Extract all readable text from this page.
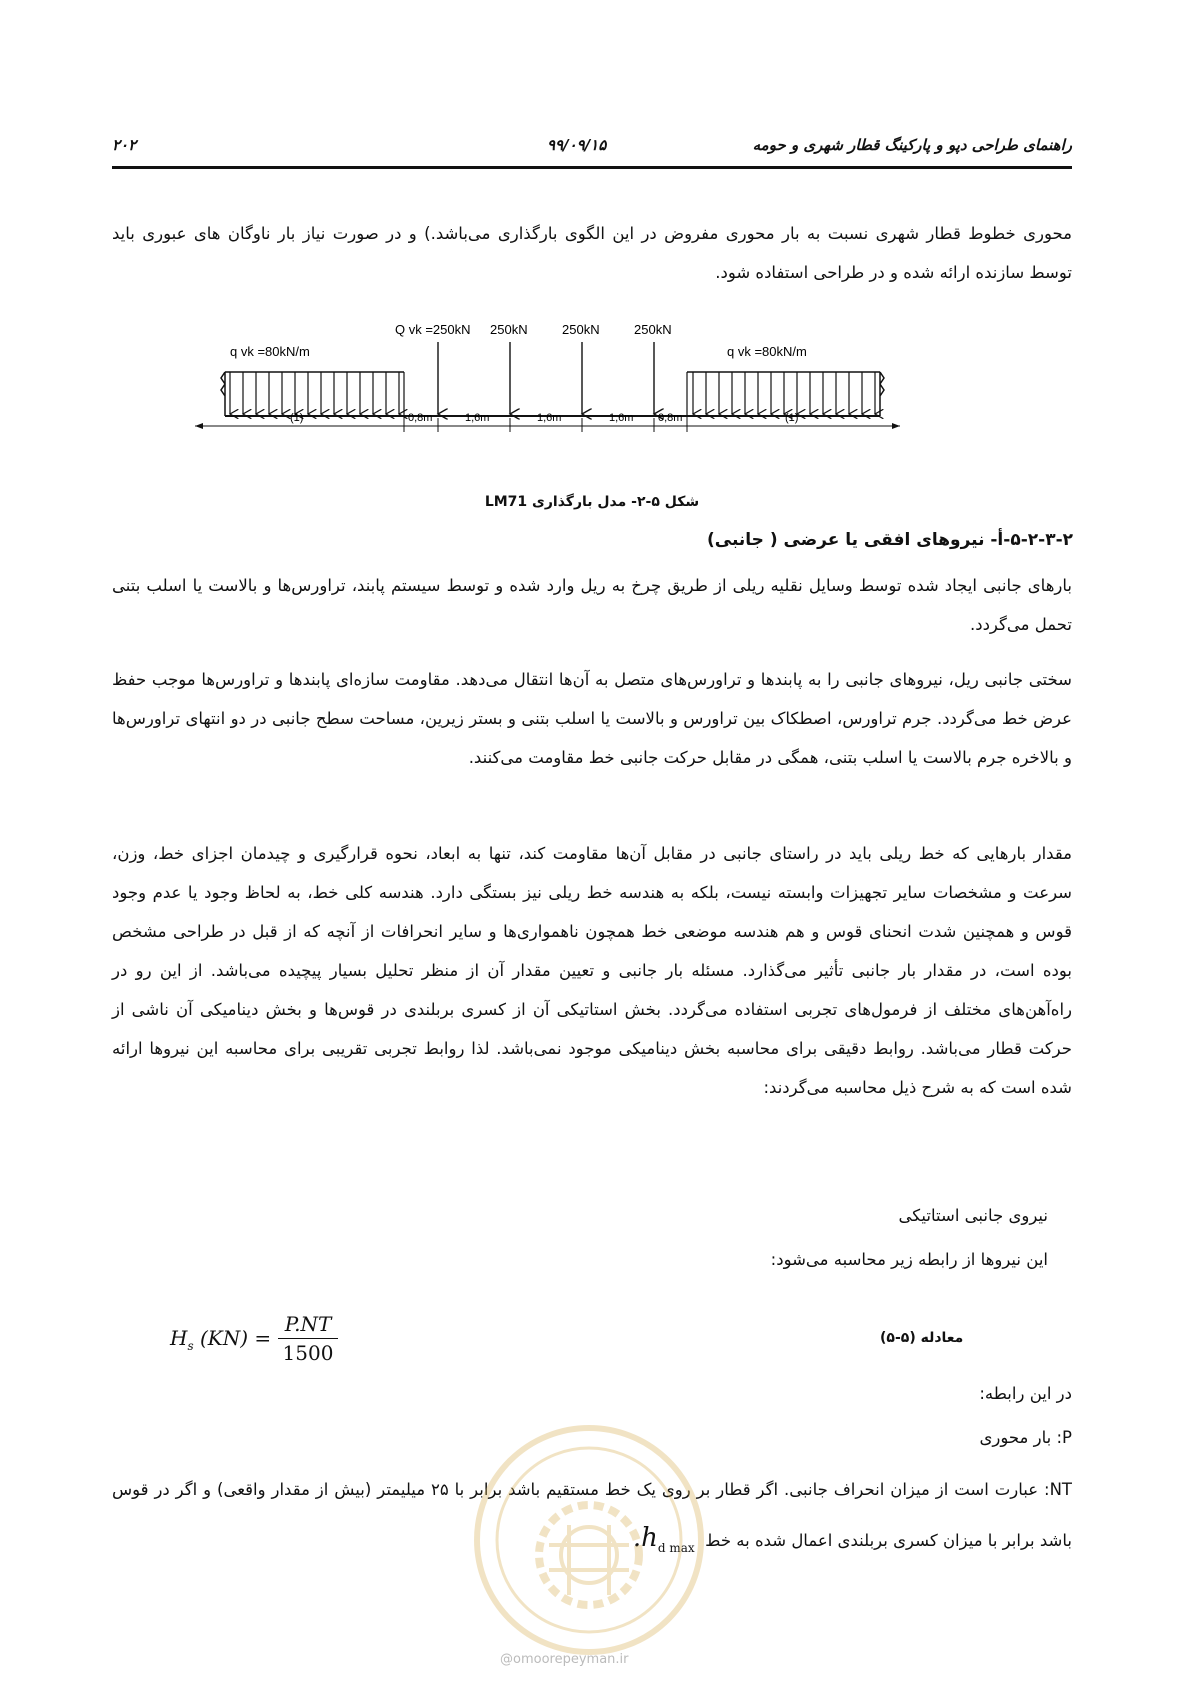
۲۰۲	۹۹/۰۹/۱۵	راهنمای طراحی دپو و پارکینگ قطار شهری و حومه
محوری خطوط قطار شهری نسبت به بار محوری مفروض در این الگوی بارگذاری می‌باشد.) و در صورت نیاز بار ناوگان های عبوری باید توسط سازنده ارائه شده و در طراحی استفاده شود.
q vk =80kN/m	q vk =80kN/m
Q vk =250kN 250kN	250kN	250kN
(1)	(1)
0,8m	1,6m	1,6m	1,6m 0,8m
شکل ۵-۲- مدل بارگذاری LM71
۵-۲-۳-۲-أ- نیروهای افقی یا عرضی ( جانبی)
بارهای جانبی ایجاد شده توسط وسایل نقلیه ریلی از طریق چرخ به ریل وارد شده و توسط سیستم پابند، تراورس‌ها و بالاست یا اسلب بتنی تحمل می‌گردد.
سختی جانبی ریل، نیروهای جانبی را به پابندها و تراورس‌های متصل به آن‌ها انتقال می‌دهد. مقاومت سازه‌ای پابندها و تراورس‌ها موجب حفظ عرض خط می‌گردد. جرم تراورس، اصطکاک بین تراورس و بالاست یا اسلب بتنی و بستر زیرین، مساحت سطح جانبی در دو انتهای تراورس‌ها و بالاخره جرم بالاست یا اسلب بتنی، همگی در مقابل حرکت جانبی خط مقاومت می‌کنند.
مقدار بارهایی که خط ریلی باید در راستای جانبی در مقابل آن‌ها مقاومت کند، تنها به ابعاد، نحوه قرارگیری و چیدمان اجزای خط، وزن، سرعت و مشخصات سایر تجهیزات وابسته نیست، بلکه به هندسه خط ریلی نیز بستگی دارد. هندسه کلی خط، به لحاظ وجود یا عدم وجود قوس و همچنین شدت انحنای قوس و هم هندسه موضعی خط همچون ناهمواری‌ها و سایر انحرافات از آنچه که از قبل در طراحی مشخص بوده است، در مقدار بار جانبی تأثیر می‌گذارد. مسئله بار جانبی و تعیین مقدار آن از منظر تحلیل بسیار پیچیده می‌باشد. از این رو در راه‌آهن‌های مختلف از فرمول‌های تجربی استفاده می‌گردد. بخش استاتیکی آن از کسری بربلندی در قوس‌ها و بخش دینامیکی آن ناشی از حرکت قطار می‌باشد. روابط دقیقی برای محاسبه بخش دینامیکی موجود نمی‌باشد. لذا روابط تجربی تقریبی برای محاسبه این نیروها ارائه شده است که به شرح ذیل محاسبه می‌گردند:
نیروی جانبی استاتیکی
این نیروها از رابطه زیر محاسبه می‌شود:
$H_s$ $(KN) = \frac{P.NT}{1500}$	معادله (۵-۵)
در این رابطه:
P: بار محوری
NT: عبارت است از میزان انحراف جانبی. اگر قطار بر روی یک خط مستقیم باشد برابر با ۲۵ میلیمتر (بیش از مقدار واقعی) و اگر در قوس باشد برابر با میزان کسری بربلندی اعمال شده به خط  $h_{d max}$.
@omoorepeyman.ir
